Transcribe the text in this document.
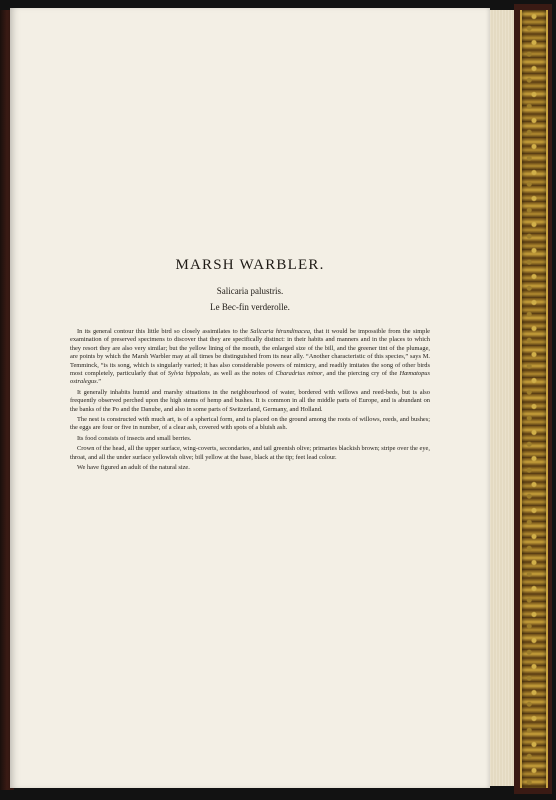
MARSH WARBLER.
Salicaria palustris.
Le Bec-fin verderolle.

In its general contour this little bird so closely assimilates to the Salicaria hirundinacea, that it would be impossible from the simple examination of preserved specimens to discover that they are specifically distinct: in their habits and manners and in the places to which they resort they are also very similar; but the yellow lining of the mouth, the enlarged size of the bill, and the greener tint of the plumage, are points by which the Marsh Warbler may at all times be distinguished from its near ally. “Another characteristic of this species,” says M. Temminck, “is its song, which is singularly varied; it has also considerable powers of mimicry, and readily imitates the song of other birds most completely, particularly that of Sylvia hippolais, as well as the notes of Charadrius minor, and the piercing cry of the Hæmatopus ostralegus.”

It generally inhabits humid and marshy situations in the neighbourhood of water, bordered with willows and reed-beds, but is also frequently observed perched upon the high stems of hemp and bushes. It is common in all the middle parts of Europe, and is abundant on the banks of the Po and the Danube, and also in some parts of Switzerland, Germany, and Holland.

The nest is constructed with much art, is of a spherical form, and is placed on the ground among the roots of willows, reeds, and bushes; the eggs are four or five in number, of a clear ash, covered with spots of a bluish ash.

Its food consists of insects and small berries.

Crown of the head, all the upper surface, wing-coverts, secondaries, and tail greenish olive; primaries blackish brown; stripe over the eye, throat, and all the under surface yellowish olive; bill yellow at the base, black at the tip; feet lead colour.

We have figured an adult of the natural size.
